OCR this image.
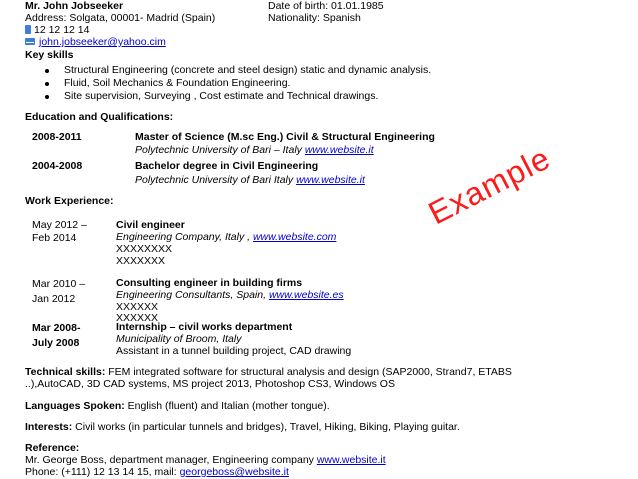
Mr. John Jobseeker
Address: Solgata, 00001- Madrid (Spain)
12 12 12 14
john.jobseeker@yahoo.cim
Date of birth: 01.01.1985
Nationality: Spanish
Key skills
Structural Engineering (concrete and steel design) static and dynamic analysis.
Fluid, Soil Mechanics & Foundation Engineering.
Site supervision, Surveying , Cost estimate and Technical drawings.
Education and Qualifications:
2008-2011	Master of Science (M.sc Eng.) Civil & Structural Engineering
Polytechnic University of Bari – Italy www.website.it
2004-2008	Bachelor degree in Civil Engineering
Polytechnic University of Bari Italy www.website.it
Work Experience:
May 2012 –
Feb 2014
Civil engineer
Engineering Company, Italy , www.website.com
XXXXXXXX
XXXXXXX
Mar 2010 –
Jan 2012
Consulting engineer in building firms
Engineering Consultants, Spain, www.website.es
XXXXXX
XXXXXX
Mar 2008-
July 2008
Internship – civil works department
Municipality of Broom, Italy
Assistant in a tunnel building project, CAD drawing
Technical skills: FEM integrated software for structural analysis and design (SAP2000, Strand7, ETABS
..),AutoCAD, 3D CAD systems, MS project 2013, Photoshop CS3, Windows OS
Languages Spoken: English (fluent) and Italian (mother tongue).
Interests: Civil works (in particular tunnels and bridges), Travel, Hiking, Biking, Playing guitar.
Reference:
Mr. George Boss, department manager, Engineering company www.website.it
Phone: (+111) 12 13 14 15, mail: georgeboss@website.it
Example
